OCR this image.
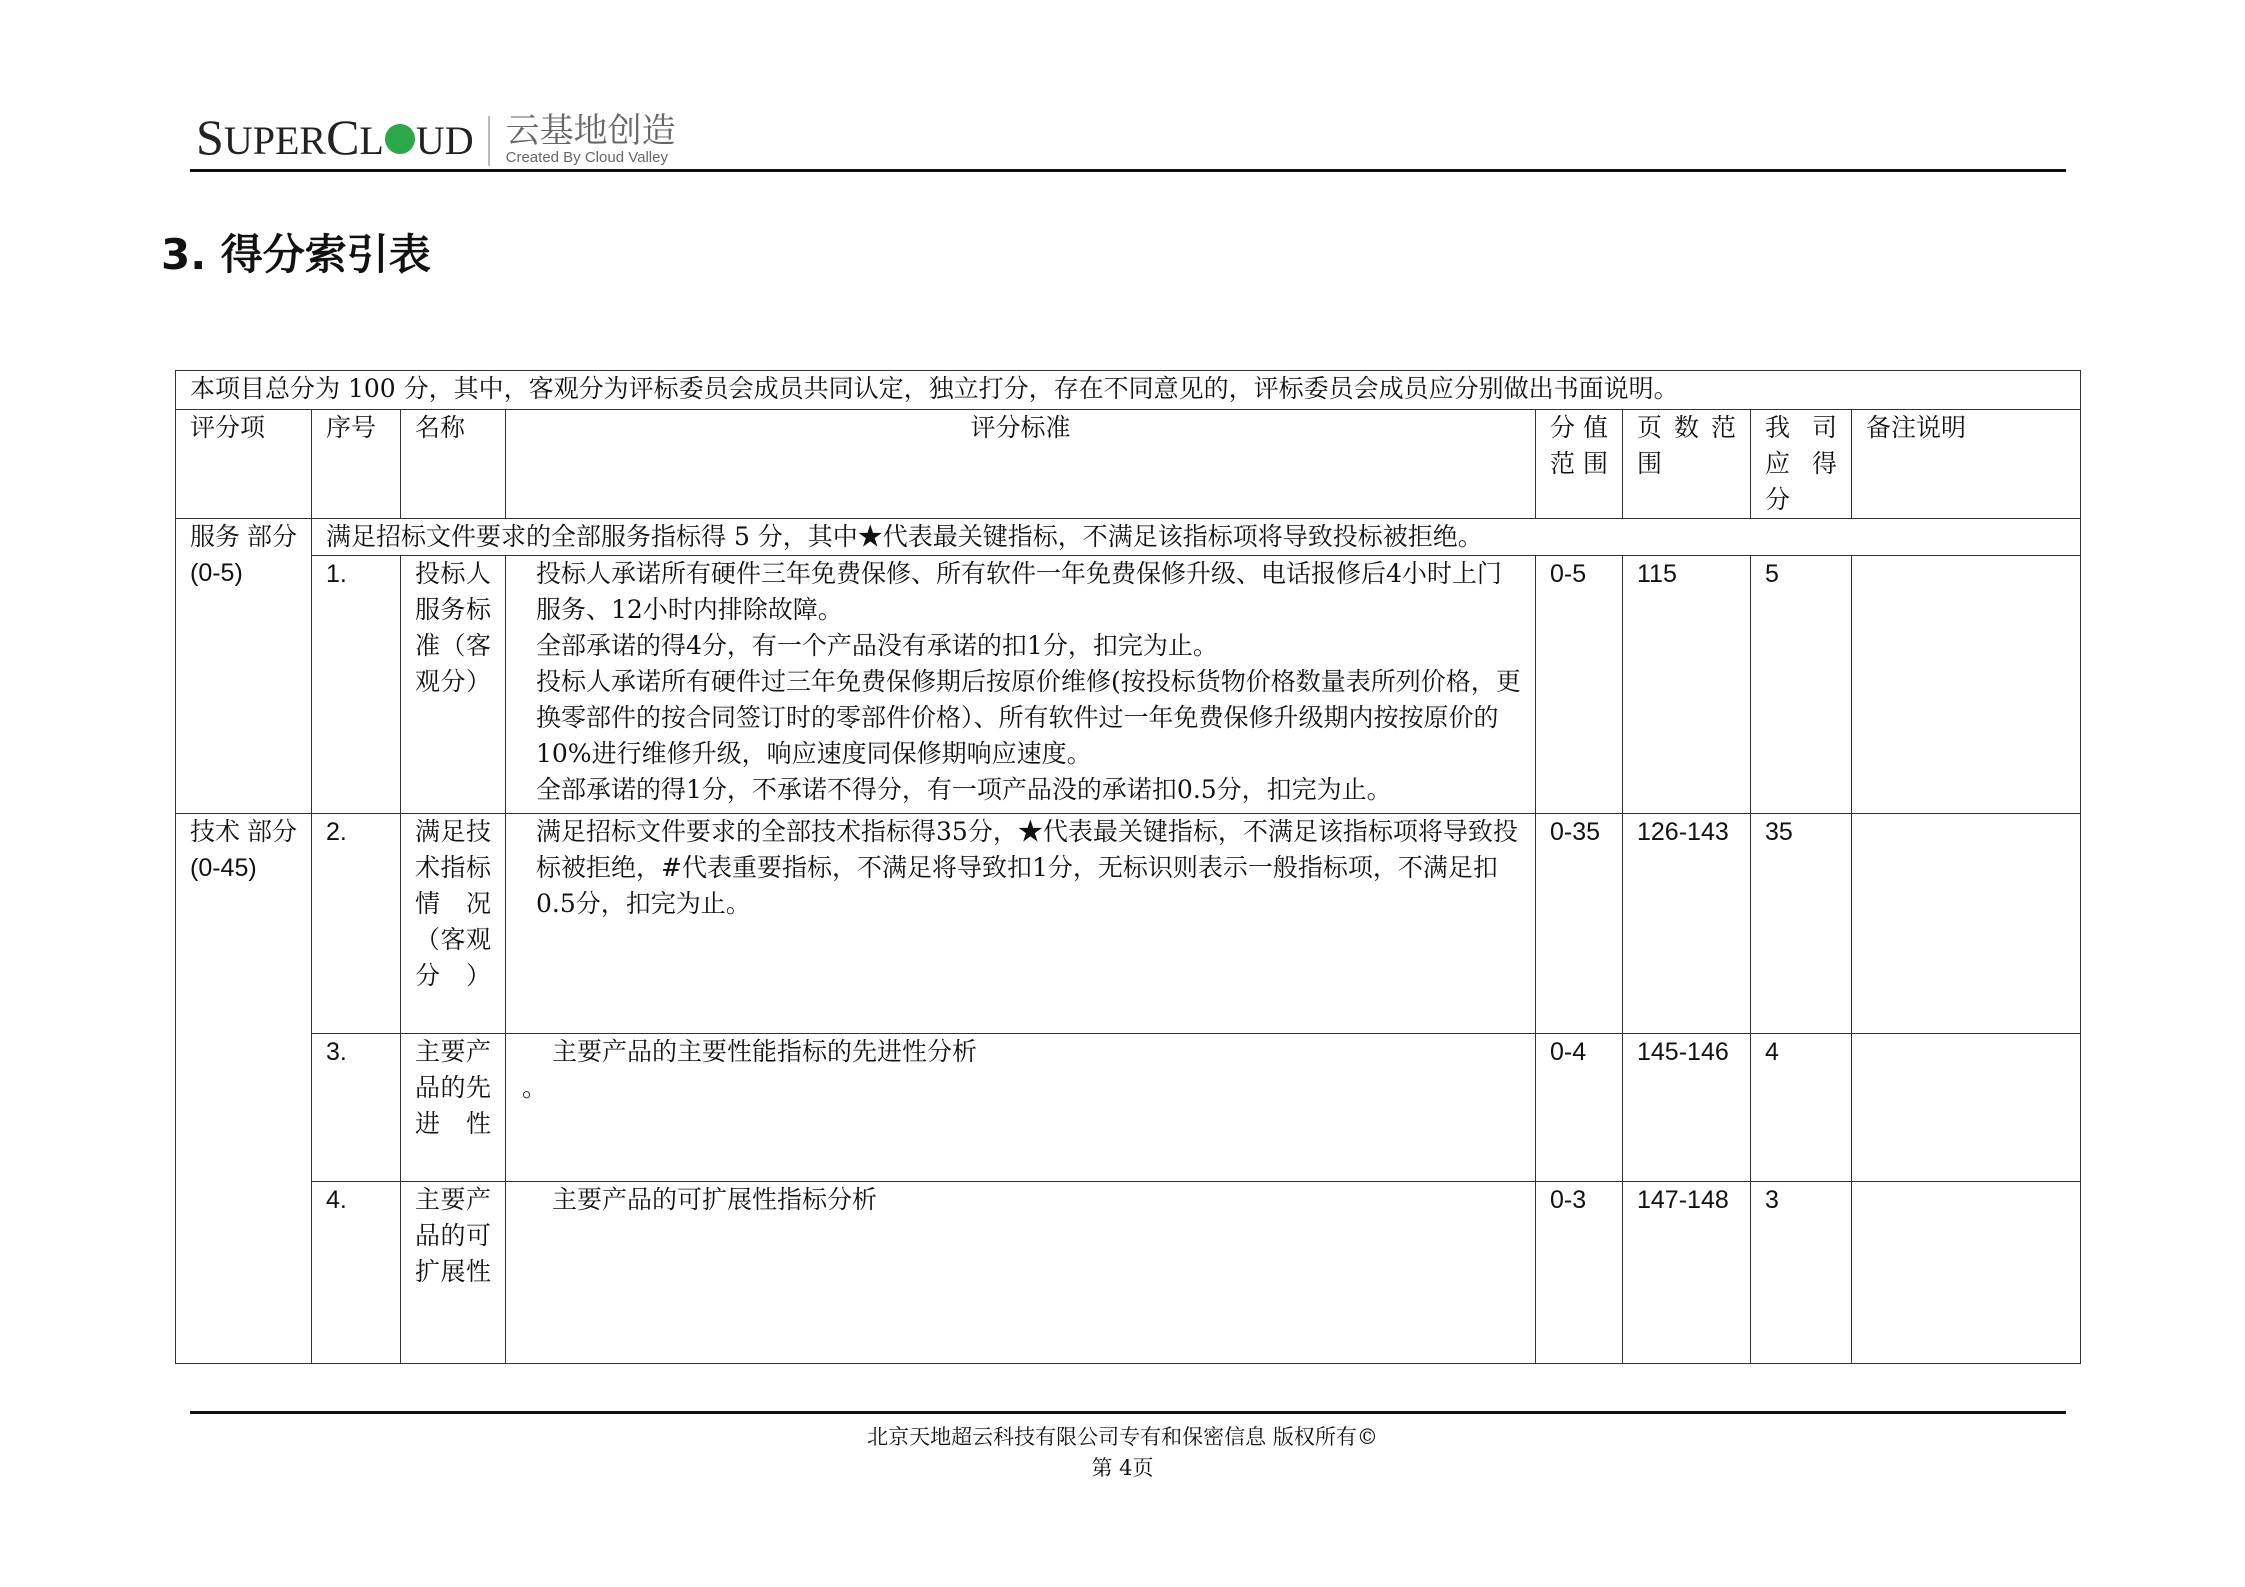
SUPERCL UD 云基地创造
Created By Cloud Valley
3. 得分索引表
本项目总分为 100 分，其中，客观分为评标委员会成员共同认定，独立打分，存在不同意见的，评标委员会成员应分别做出书面说明。							
评分项	序号	名称	评分标准	分值范围	页数范围	我司应得分	备注说明
服务 部分 (0-5)	满足招标文件要求的全部服务指标得 5 分，其中★代表最关键指标，不满足该指标项将导致投标被拒绝。						
	1.	投标人服务标准（客观分）	投标人承诺所有硬件三年免费保修、所有软件一年免费保修升级、电话报修后4小时上门服务、12小时内排除故障。
全部承诺的得4分，有一个产品没有承诺的扣1分，扣完为止。
投标人承诺所有硬件过三年免费保修期后按原价维修(按投标货物价格数量表所列价格，更换零部件的按合同签订时的零部件价格）、所有软件过一年免费保修升级期内按按原价的10%进行维修升级，响应速度同保修期响应速度。
全部承诺的得1分，不承诺不得分，有一项产品没的承诺扣0.5分，扣完为止。	0-5	115	5	
技术 部分 (0-45)	2.	满足技术指标情况（客观分）	满足招标文件要求的全部技术指标得35分，★代表最关键指标，不满足该指标项将导致投标被拒绝，#代表重要指标，不满足将导致扣1分，无标识则表示一般指标项，不满足扣0.5分，扣完为止。	0-35	126-143	35	
	3.	主要产品的先进性	主要产品的主要性能指标的先进性分析
。	0-4	145-146	4	
	4.	主要产品的可扩展性	主要产品的可扩展性指标分析	0-3	147-148	3	
北京天地超云科技有限公司专有和保密信息 版权所有©
第 4页
